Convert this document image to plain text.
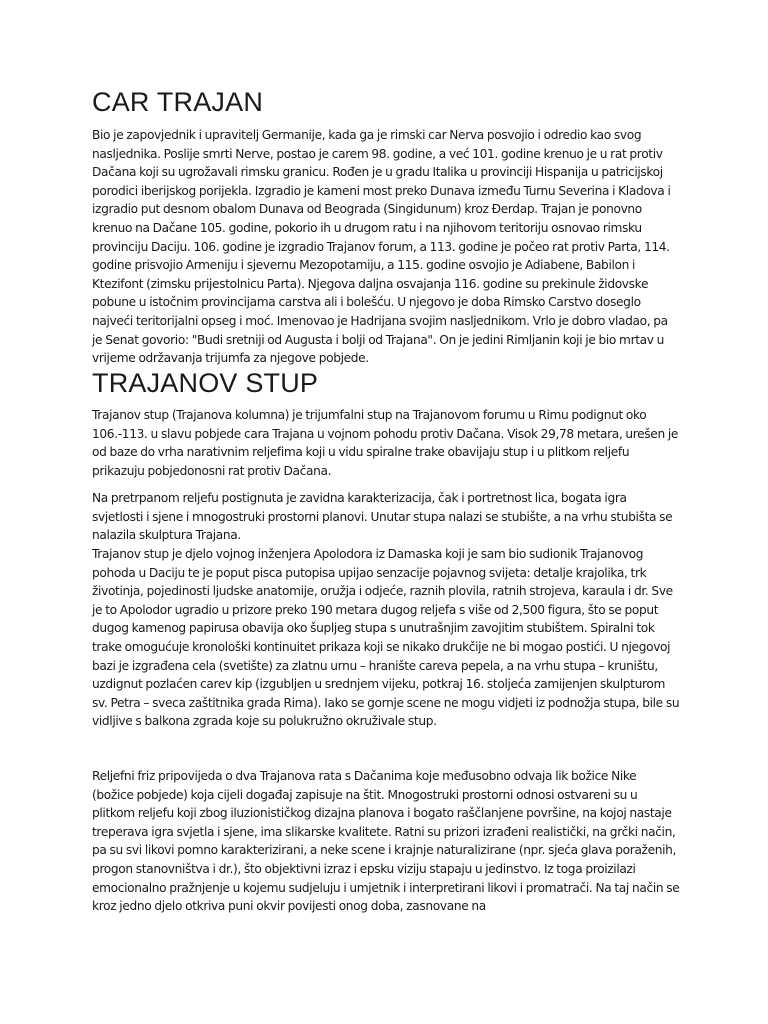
CAR TRAJAN

Bio je zapovjednik i upravitelj Germanije, kada ga je rimski car Nerva posvojio i odredio kao svog nasljednika. Poslije smrti Nerve, postao je carem 98. godine, a već 101. godine krenuo je u rat protiv Dačana koji su ugrožavali rimsku granicu. Rođen je u gradu Italika u provinciji Hispanija u patricijskoj porodici iberijskog porijekla. Izgradio je kameni most preko Dunava između Turnu Severina i Kladova i izgradio put desnom obalom Dunava od Beograda (Singidunum) kroz Đerdap. Trajan je ponovno krenuo na Dačane 105. godine, pokorio ih u drugom ratu i na njihovom teritoriju osnovao rimsku provinciju Daciju. 106. godine je izgradio Trajanov forum, a 113. godine je počeo rat protiv Parta, 114. godine prisvojio Armeniju i sjevernu Mezopotamiju, a 115. godine osvojio je Adiabene, Babilon i Ktezifont (zimsku prijestolnicu Parta). Njegova daljna osvajanja 116. godine su prekinule židovske pobune u istočnim provincijama carstva ali i bolešću. U njegovo je doba Rimsko Carstvo doseglo najveći teritorijalni opseg i moć. Imenovao je Hadrijana svojim nasljednikom. Vrlo je dobro vladao, pa je Senat govorio: "Budi sretniji od Augusta i bolji od Trajana". On je jedini Rimljanin koji je bio mrtav u vrijeme održavanja trijumfa za njegove pobjede.

TRAJANOV STUP

Trajanov stup (Trajanova kolumna) je trijumfalni stup na Trajanovom forumu u Rimu podignut oko 106.-113. u slavu pobjede cara Trajana u vojnom pohodu protiv Dačana. Visok 29,78 metara, urešen je od baze do vrha narativnim reljefima koji u vidu spiralne trake obavijaju stup i u plitkom reljefu prikazuju pobjedonosni rat protiv Dačana.

Na pretrpanom reljefu postignuta je zavidna karakterizacija, čak i portretnost lica, bogata igra svjetlosti i sjene i mnogostruki prostorni planovi. Unutar stupa nalazi se stubište, a na vrhu stubišta se nalazila skulptura Trajana.

Trajanov stup je djelo vojnog inženjera Apolodora iz Damaska koji je sam bio sudionik Trajanovog pohoda u Daciju te je poput pisca putopisa upijao senzacije pojavnog svijeta: detalje krajolika, trk životinja, pojedinosti ljudske anatomije, oružja i odjeće, raznih plovila, ratnih strojeva, karaula i dr. Sve je to Apolodor ugradio u prizore preko 190 metara dugog reljefa s više od 2,500 figura, što se poput dugog kamenog papirusa obavija oko šupljeg stupa s unutrašnjim zavojitim stubištem. Spiralni tok trake omogućuje kronološki kontinuitet prikaza koji se nikako drukčije ne bi mogao postići. U njegovoj bazi je izgrađena cela (svetište) za zlatnu urnu – hranište careva pepela, a na vrhu stupa – kruništu, uzdignut pozlaćen carev kip (izgubljen u srednjem vijeku, potkraj 16. stoljeća zamijenjen skulpturom sv. Petra – sveca zaštitnika grada Rima). Iako se gornje scene ne mogu vidjeti iz podnožja stupa, bile su vidljive s balkona zgrada koje su polukružno okruživale stup.

Reljefni friz pripovijeda o dva Trajanova rata s Dačanima koje međusobno odvaja lik božice Nike (božice pobjede) koja cijeli događaj zapisuje na štit. Mnogostruki prostorni odnosi ostvareni su u plitkom reljefu koji zbog iluzionističkog dizajna planova i bogato raščlanjene površine, na kojoj nastaje treperava igra svjetla i sjene, ima slikarske kvalitete. Ratni su prizori izrađeni realistički, na grčki način, pa su svi likovi pomno karakterizirani, a neke scene i krajnje naturalizirane (npr. sjeća glava poraženih, progon stanovništva i dr.), što objektivni izraz i epsku viziju stapaju u jedinstvo. Iz toga proizilazi emocionalno pražnjenje u kojemu sudjeluju i umjetnik i interpretirani likovi i promatrači. Na taj način se kroz jedno djelo otkriva puni okvir povijesti onog doba, zasnovane na
